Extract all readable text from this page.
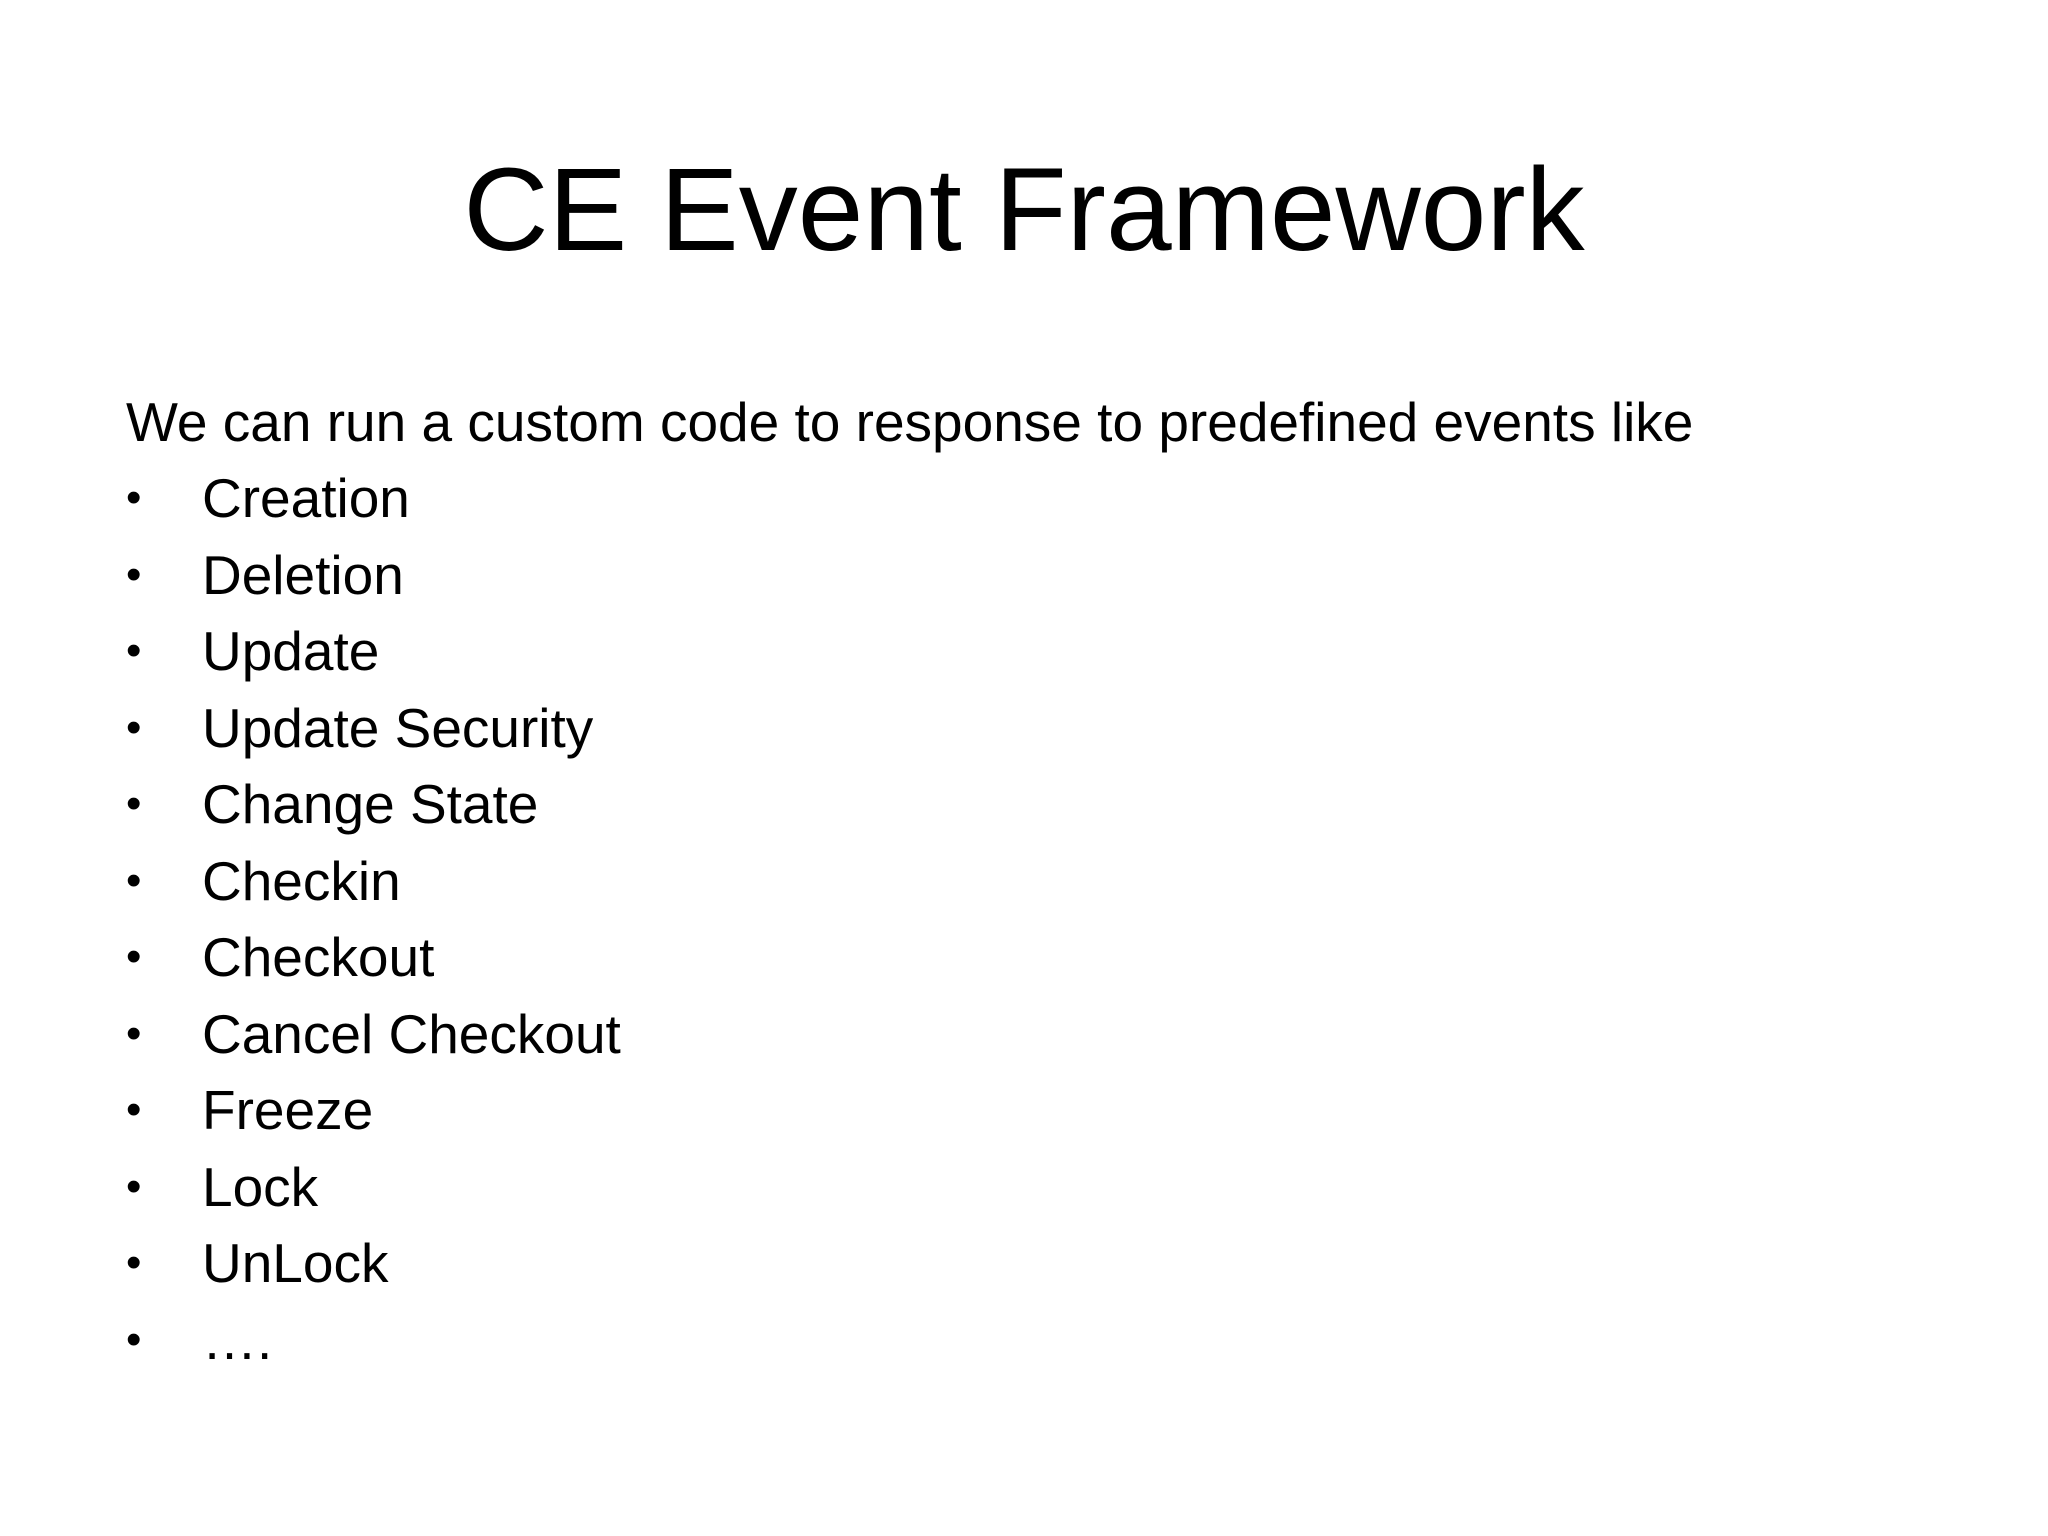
CE Event Framework
We can run a custom code to response to predefined events like
•	Creation
•	Deletion
•	Update
•	Update Security
•	Change State
•	Checkin
•	Checkout
•	Cancel Checkout
•	Freeze
•	Lock
•	UnLock
•	….
